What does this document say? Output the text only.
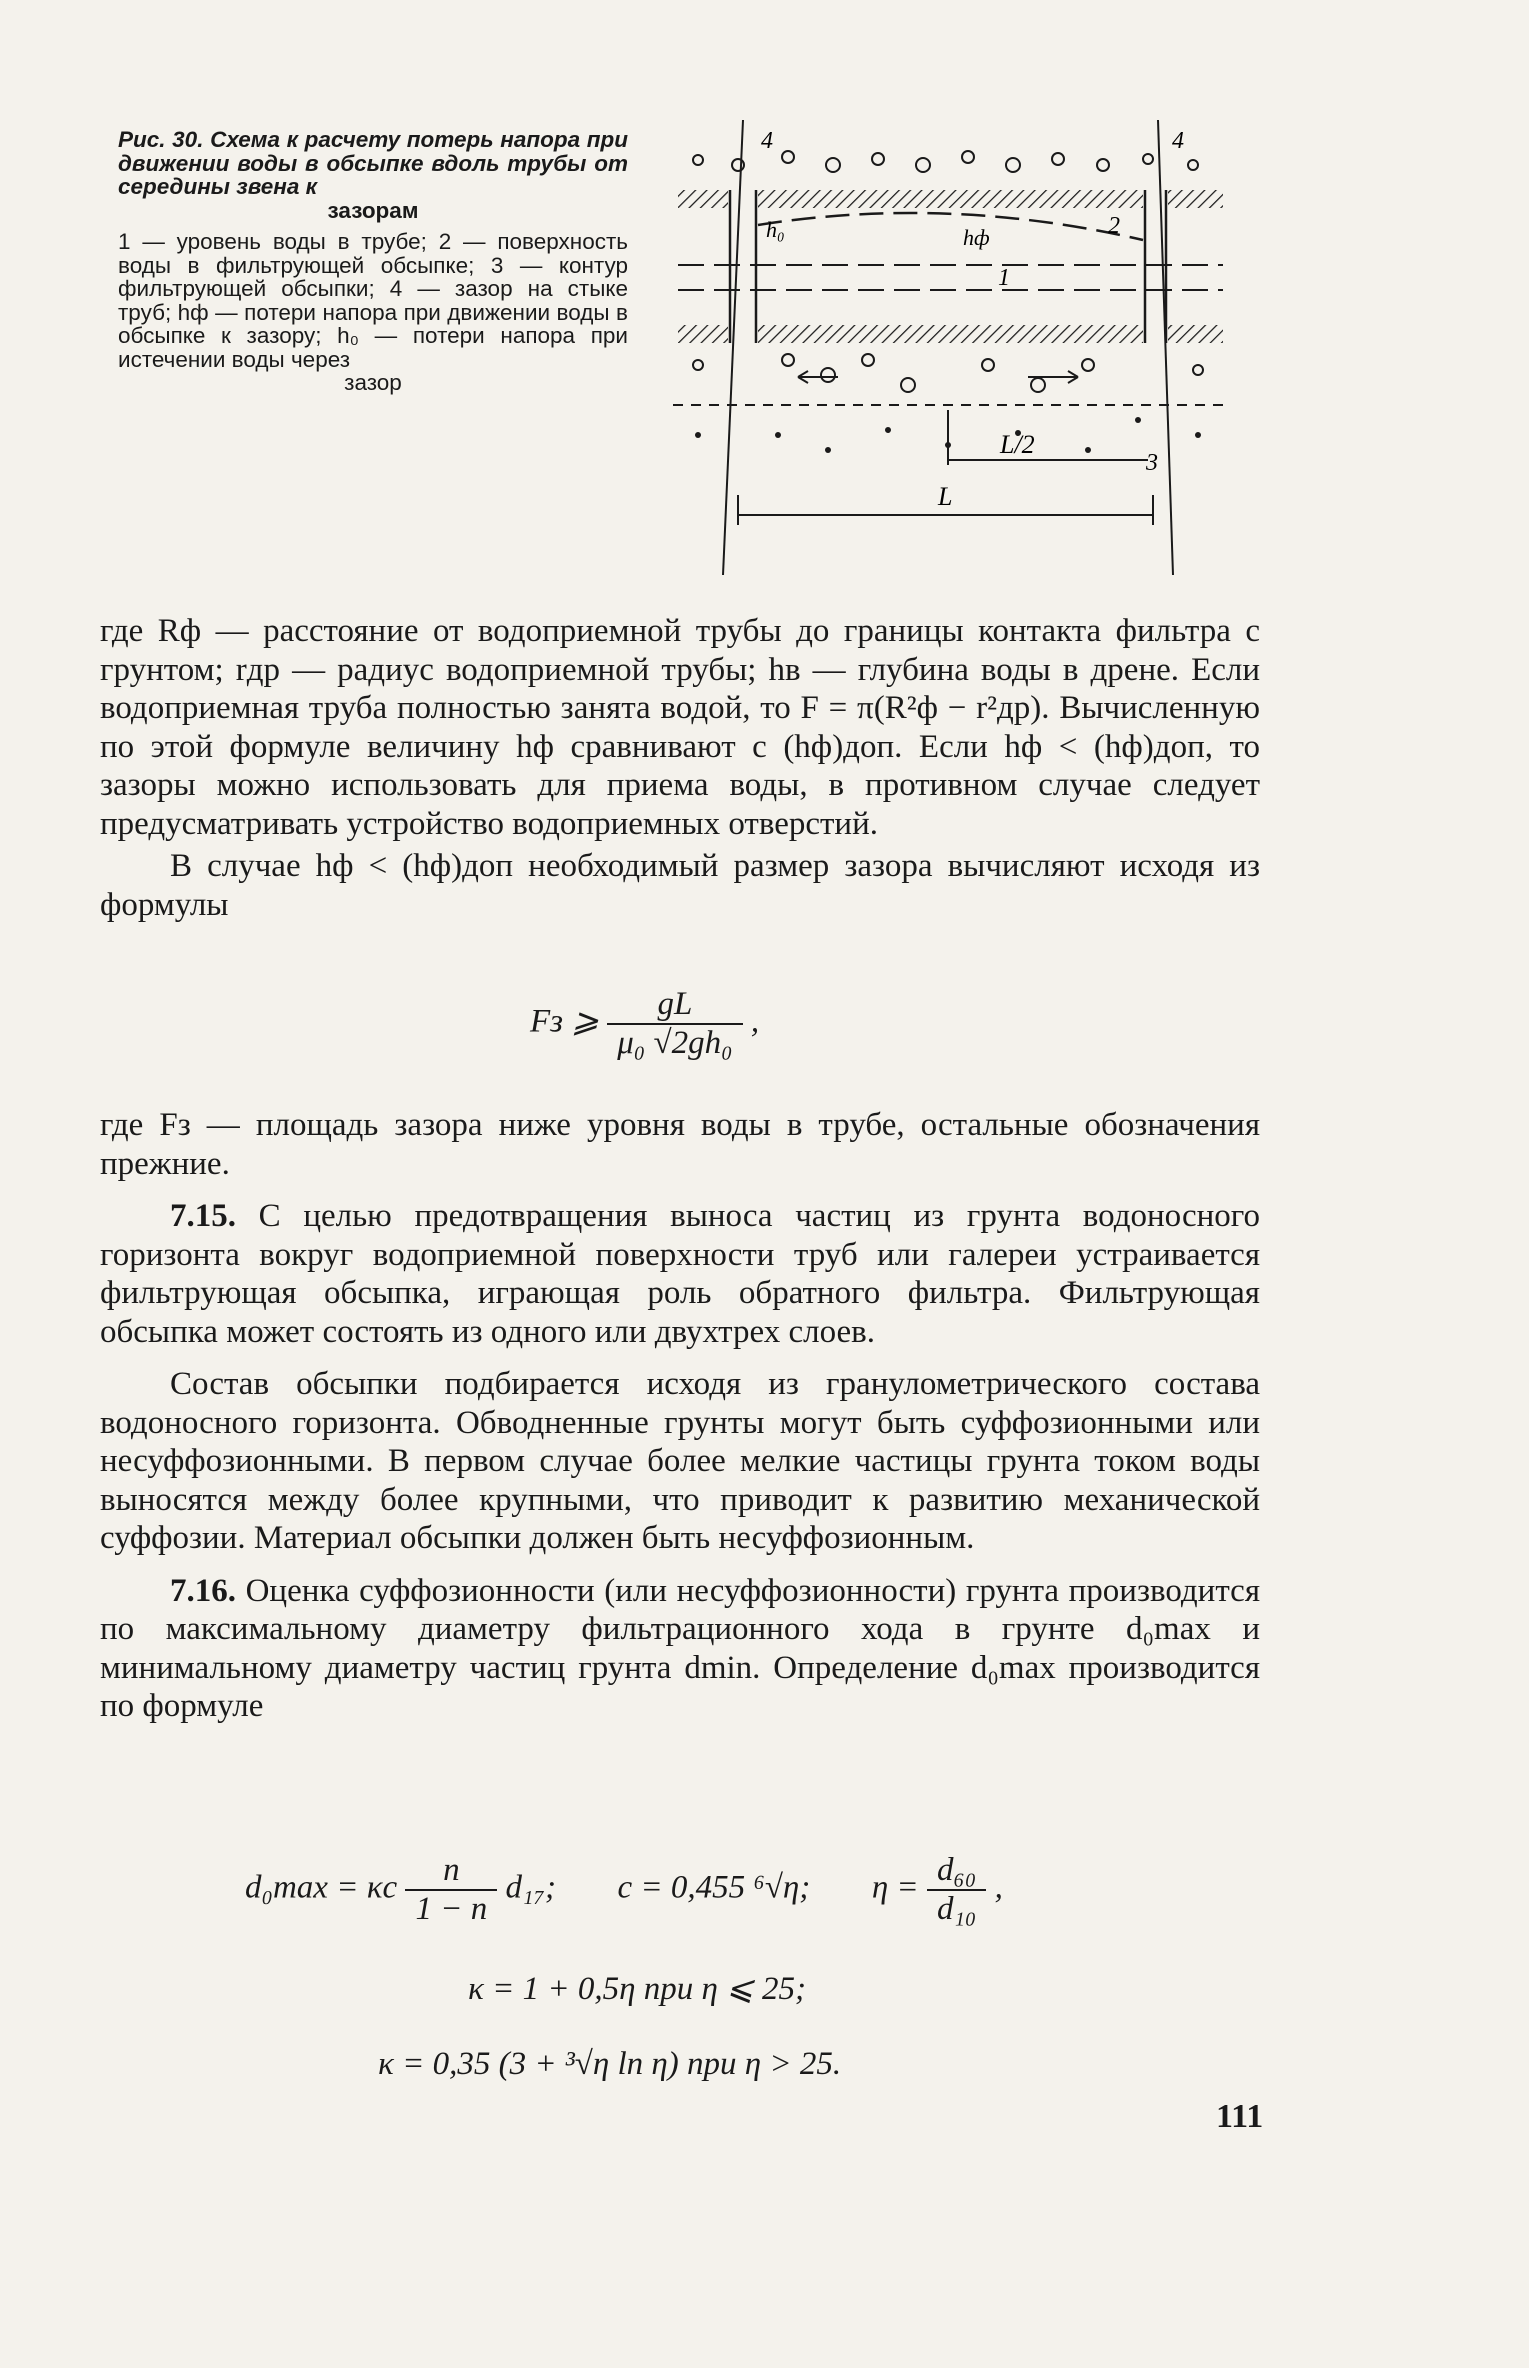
Рис. 30. Схема к расчету потерь напора при движении воды в обсыпке вдоль трубы от середины звена к
зазорам
1 — уровень воды в трубе; 2 — поверхность воды в фильтрующей обсыпке; 3 — контур фильтрующей обсыпки; 4 — зазор на стыке труб; hф — потери напора при движении воды в обсыпке к зазору; h₀ — потери напора при истечении воды через
зазор
4	4
2
1
3
h₀	hф
L/2
L

где Rф — расстояние от водоприемной трубы до границы контакта фильтра с грунтом; rдр — радиус водоприемной трубы; hв — глубина воды в дрене. Если водоприемная труба полностью занята водой, то F = π(R²ф − r²др). Вычисленную по этой формуле величину hф сравнивают с (hф)доп. Если hф < (hф)доп, то зазоры можно использовать для приема воды, в противном случае следует предусматривать устройство водоприемных отверстий.

В случае hф < (hф)доп необходимый размер зазора вычисляют исходя из формулы

Fз ⩾ $\frac{gL}{\text{μ₀ √2gh₀}}$ ,

где Fз — площадь зазора ниже уровня воды в трубе, остальные обозначения прежние.

7.15. С целью предотвращения выноса частиц из грунта водоносного горизонта вокруг водоприемной поверхности труб или галереи устраивается фильтрующая обсыпка, играющая роль обратного фильтра. Фильтрующая обсыпка может состоять из одного или двухтрех слоев.

Состав обсыпки подбирается исходя из гранулометрического состава водоносного горизонта. Обводненные грунты могут быть суффозионными или несуффозионными. В первом случае более мелкие частицы грунта током воды выносятся между более крупными, что приводит к развитию механической суффозии. Материал обсыпки должен быть несуффозионным.

7.16. Оценка суффозионности (или несуффозионности) грунта производится по максимальному диаметру фильтрационного хода в грунте d₀max и минимальному диаметру частиц грунта dmin. Определение d₀max производится по формуле

d₀max = κc $\frac{n}{1 - n} d_{17}$; c = 0,455 ⁶√η; $\eta = \frac{\text{d₆₀}}{\text{d₁₀}}$ ,
κ = 1 + 0,5η при η ⩽ 25;
κ = 0,35 (3 + ³√η ln η) при η > 25.
111
